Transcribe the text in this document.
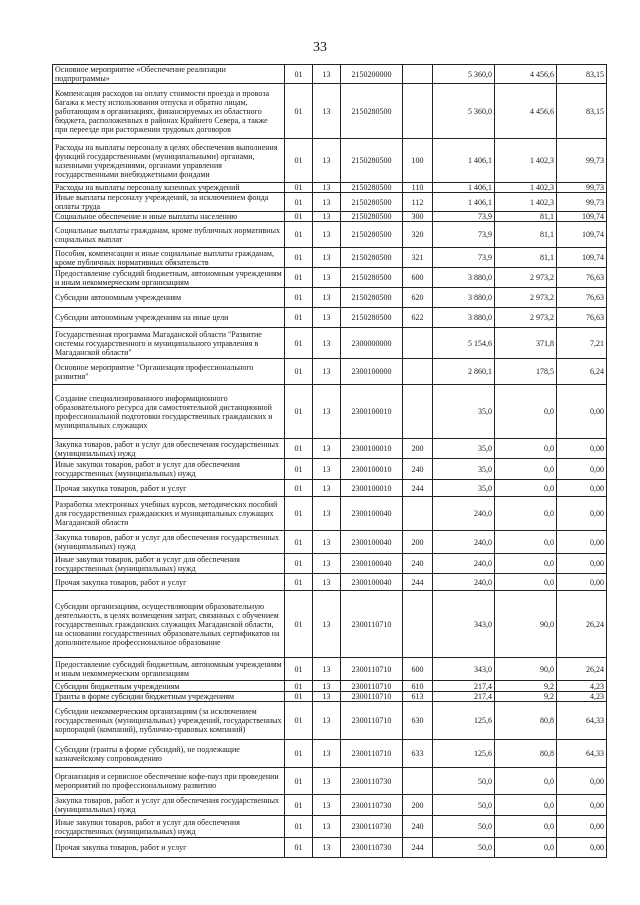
33
Основное мероприятие «Обеспечение реализации подпрограммы»	01	13	2150200000		5 360,0	4 456,6	83,15
Компенсация расходов на оплату стоимости проезда и провоза багажа к месту использования отпуска и обратно лицам, работающим в организациях, финансируемых из областного бюджета, расположенных в районах Крайнего Севера, а также при переезде при расторжении трудовых договоров	01	13	2150280500		5 360,0	4 456,6	83,15
Расходы на выплаты персоналу в целях обеспечения выполнения функций государственными (муниципальными) органами, казенными учреждениями, органами управления государственными внебюджетными фондами	01	13	2150280500	100	1 406,1	1 402,3	99,73
Расходы на выплаты персоналу казенных учреждений	01	13	2150280500	110	1 406,1	1 402,3	99,73
Иные выплаты персоналу учреждений, за исключением фонда оплаты труда	01	13	2150280500	112	1 406,1	1 402,3	99,73
Социальное обеспечение и иные выплаты населению	01	13	2150280500	300	73,9	81,1	109,74
Социальные выплаты гражданам, кроме публичных нормативных социальных выплат	01	13	2150280500	320	73,9	81,1	109,74
Пособия, компенсации и иные социальные выплаты гражданам, кроме публичных нормативных обязательств	01	13	2150280500	321	73,9	81,1	109,74
Предоставление субсидий бюджетным, автономным учреждениям и иным некоммерческим организациям	01	13	2150280500	600	3 880,0	2 973,2	76,63
Субсидии автономным учреждениям	01	13	2150280500	620	3 880,0	2 973,2	76,63
Субсидии автономным учреждениям на иные цели	01	13	2150280500	622	3 880,0	2 973,2	76,63
Государственная программа Магаданской области "Развитие системы государственного и муниципального управления в Магаданской области"	01	13	2300000000		5 154,6	371,8	7,21
Основное мероприятие "Организация профессионального развития"	01	13	2300100000		2 860,1	178,5	6,24
Создание специализированного информационного образовательного ресурса для самостоятельной дистанционной профессиональной подготовки государственных гражданских и муниципальных служащих	01	13	2300100010		35,0	0,0	0,00
Закупка товаров, работ и услуг для обеспечения государственных (муниципальных) нужд	01	13	2300100010	200	35,0	0,0	0,00
Иные закупки товаров, работ и услуг для обеспечения государственных (муниципальных) нужд	01	13	2300100010	240	35,0	0,0	0,00
Прочая закупка товаров, работ и услуг	01	13	2300100010	244	35,0	0,0	0,00
Разработка электронных учебных курсов, методических пособий для государственных гражданских и муниципальных служащих Магаданской области	01	13	2300100040		240,0	0,0	0,00
Закупка товаров, работ и услуг для обеспечения государственных (муниципальных) нужд	01	13	2300100040	200	240,0	0,0	0,00
Иные закупки товаров, работ и услуг для обеспечения государственных (муниципальных) нужд	01	13	2300100040	240	240,0	0,0	0,00
Прочая закупка товаров, работ и услуг	01	13	2300100040	244	240,0	0,0	0,00
Субсидии организациям, осуществляющим образовательную деятельность, в целях возмещения затрат, связанных с обучением государственных гражданских служащих Магаданской области, на основании государственных образовательных сертификатов на дополнительное профессиональное образование	01	13	2300110710		343,0	90,0	26,24
Предоставление субсидий бюджетным, автономным учреждениям и иным некоммерческим организациям	01	13	2300110710	600	343,0	90,0	26,24
Субсидии бюджетным учреждениям	01	13	2300110710	610	217,4	9,2	4,23
Гранты в форме субсидии бюджетным учреждениям	01	13	2300110710	613	217,4	9,2	4,23
Субсидии некоммерческим организациям (за исключением государственных (муниципальных) учреждений, государственных корпораций (компаний), публично-правовых компаний)	01	13	2300110710	630	125,6	80,8	64,33
Субсидии (гранты в форме субсидий), не подлежащие казначейскому сопровождению	01	13	2300110710	633	125,6	80,8	64,33
Организация и сервисное обеспечение кофе-пауз при проведении мероприятий по профессиональному развитию	01	13	2300110730		50,0	0,0	0,00
Закупка товаров, работ и услуг для обеспечения государственных (муниципальных) нужд	01	13	2300110730	200	50,0	0,0	0,00
Иные закупки товаров, работ и услуг для обеспечения государственных (муниципальных) нужд	01	13	2300110730	240	50,0	0,0	0,00
Прочая закупка товаров, работ и услуг	01	13	2300110730	244	50,0	0,0	0,00
